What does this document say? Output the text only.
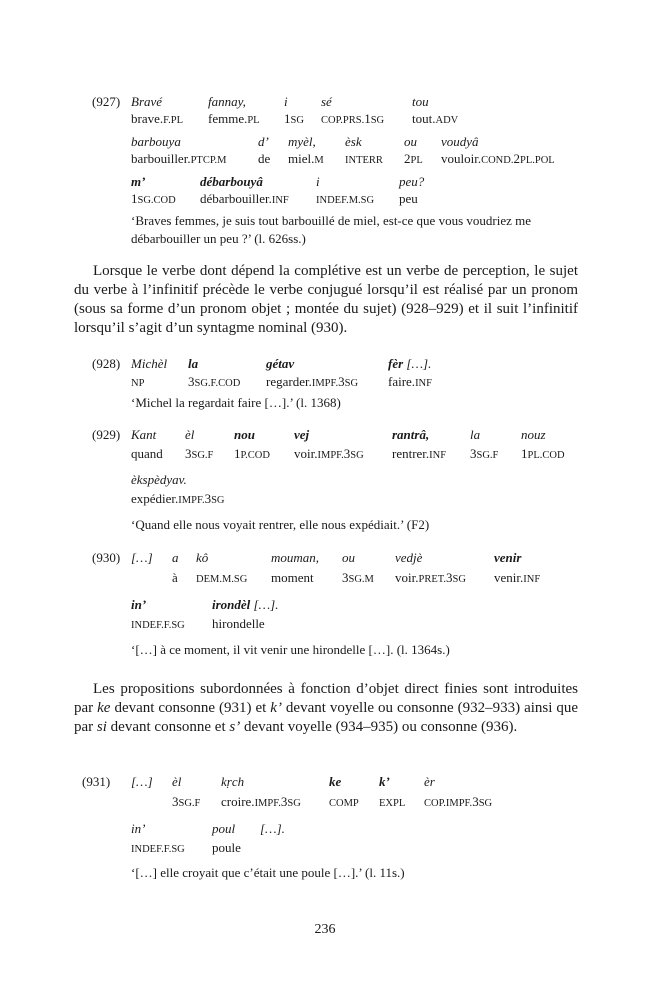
(927) Bravé
brave.F.PL
fannay,
femme.PL
i
1SG
sé
COP.PRS.1SG
tou
tout.ADV
barbouya
barbouiller.PTCP.M
d’
de
myèl,
miel.M
èsk
INTERR
ou
2PL
voudyâ
vouloir.COND.2PL.POL
m’
1SG.COD
débarbouyâ
débarbouiller.INF
i
INDEF.M.SG
peu?
peu
‘Braves femmes, je suis tout barbouillé de miel, est-ce que vous voudriez me débarbouiller un peu ?’ (l. 626ss.)

Lorsque le verbe dont dépend la complétive est un verbe de perception, le sujet du verbe à l’infinitif précède le verbe conjugué lorsqu’il est réalisé par un pronom (sous sa forme d’un pronom objet ; montée du sujet) (928–929) et il suit l’infinitif lorsqu’il s’agit d’un syntagme nominal (930).

(928) Michèl
NP
la
3SG.F.COD
gétav
regarder.IMPF.3SG
fèr […].
faire.INF
‘Michel la regardait faire […].’ (l. 1368)
(929) Kant
quand
èl
3SG.F
nou
1P.COD
vej
voir.IMPF.3SG
rantrâ,
rentrer.INF
la
3SG.F
nouz
1PL.COD
èkspèdyav.
expédier.IMPF.3SG
‘Quand elle nous voyait rentrer, elle nous expédiait.’ (F2)
(930) […] a
à
kô
DEM.M.SG
mouman,
moment
ou
3SG.M
vedjè
voir.PRET.3SG
venir
venir.INF
in’
INDEF.F.SG
irondèl […].
hirondelle
‘[…] à ce moment, il vit venir une hirondelle […]. (l. 1364s.)

Les propositions subordonnées à fonction d’objet direct finies sont introduites par ke devant consonne (931) et k’ devant voyelle ou consonne (932–933) ainsi que par si devant consonne et s’ devant voyelle (934–935) ou consonne (936).

(931) […] èl
3SG.F
kṛch
croire.IMPF.3SG
ke
COMP
k’
EXPL
èr
COP.IMPF.3SG
in’
INDEF.F.SG
poul
poule
[…].
‘[…] elle croyait que c’était une poule […].’ (l. 11s.)
236
